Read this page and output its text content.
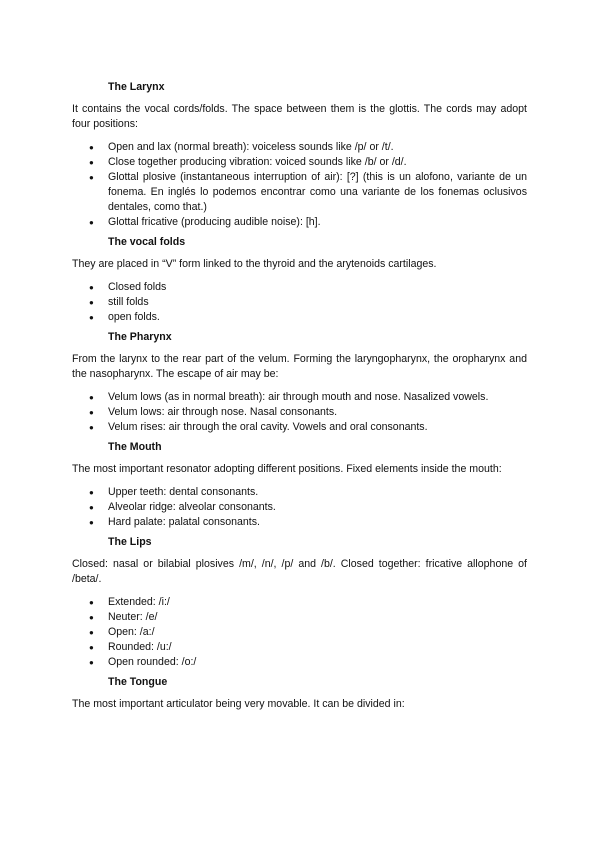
The Larynx

It contains the vocal cords/folds. The space between them is the glottis. The cords may adopt four positions:

● Open and lax (normal breath): voiceless sounds like /p/ or /t/.
● Close together producing vibration: voiced sounds like /b/ or /d/.
● Glottal plosive (instantaneous interruption of air): [?] (this is un alofono, variante de un fonema. En inglés lo podemos encontrar como una variante de los fonemas oclusivos dentales, como that.)
● Glottal fricative (producing audible noise): [h].
The vocal folds

They are placed in “V” form linked to the thyroid and the arytenoids cartilages.

● Closed folds
● still folds
● open folds.
The Pharynx

From the larynx to the rear part of the velum. Forming the laryngopharynx, the oropharynx and the nasopharynx. The escape of air may be:

● Velum lows (as in normal breath): air through mouth and nose. Nasalized vowels.
● Velum lows: air through nose. Nasal consonants.
● Velum rises: air through the oral cavity. Vowels and oral consonants.
The Mouth

The most important resonator adopting different positions. Fixed elements inside the mouth:

● Upper teeth: dental consonants.
● Alveolar ridge: alveolar consonants.
● Hard palate: palatal consonants.
The Lips

Closed: nasal or bilabial plosives /m/, /n/, /p/ and /b/. Closed together: fricative allophone of /beta/.

● Extended: /i:/
● Neuter: /e/
● Open: /a:/
● Rounded: /u:/
● Open rounded: /o:/
The Tongue

The most important articulator being very movable. It can be divided in:
